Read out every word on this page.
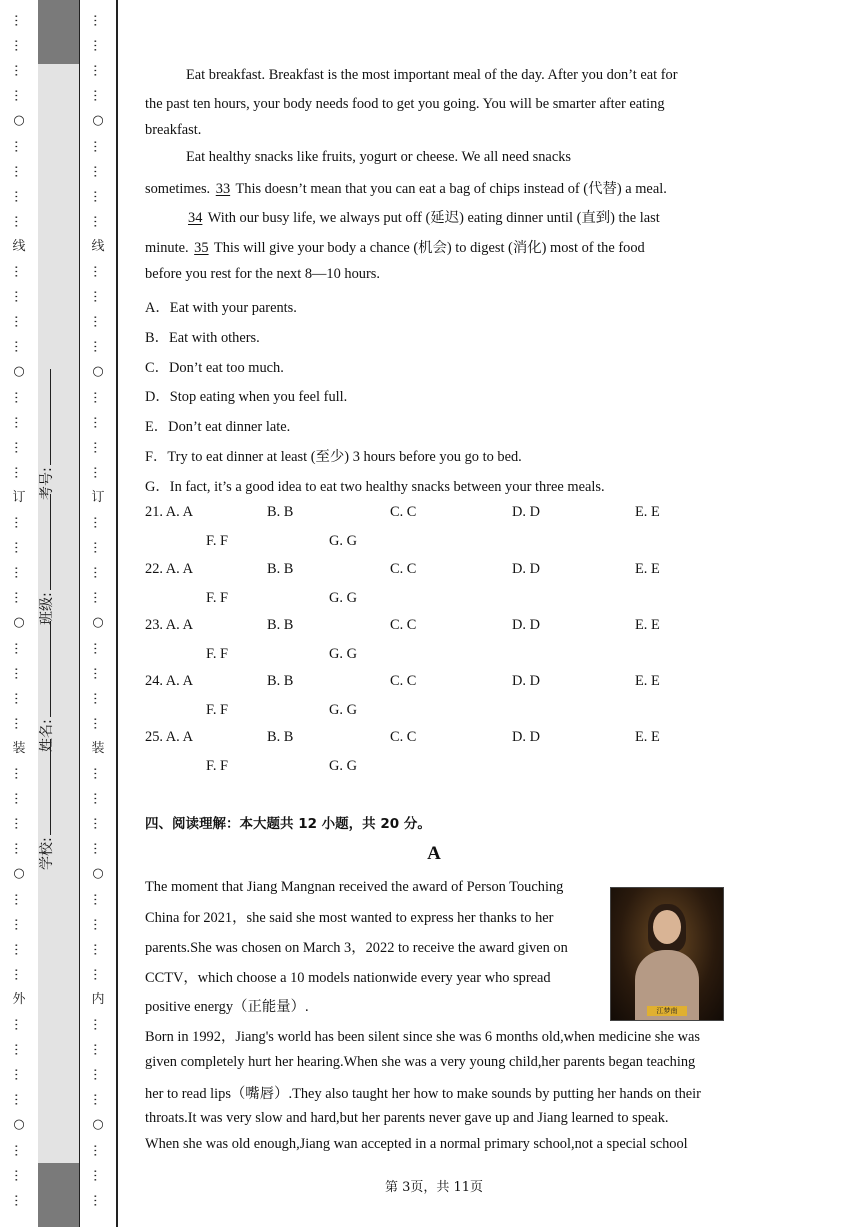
…
…
…
…
○
…
…
…
…
线
…
…
…
…
○
…
…
…
…
订
…
…
…
…
○
…
…
…
…
装
…
…
…
…
○
…
…
…
…
外
…
…
…
…
○
…
…
…
考号:
班级:
姓名:
学校:
…
…
…
…
○
…
…
…
…
线
…
…
…
…
○
…
…
…
…
订
…
…
…
…
○
…
…
…
…
装
…
…
…
…
○
…
…
…
…
内
…
…
…
…
○
…
…
…
Eat breakfast. Breakfast is the most important meal of the day. After you don’t eat for
the past ten hours, your body needs food to get you going. You will be smarter after eating
breakfast.
Eat healthy snacks like fruits, yogurt or cheese. We all need snacks
sometimes. 33 This doesn’t mean that you can eat a bag of chips instead of (代替) a meal.
34 With our busy life, we always put off (延迟) eating dinner until (直到) the last
minute. 35 This will give your body a chance (机会) to digest (消化) most of the food
before you rest for the next 8—10 hours.
A．Eat with your parents.
B．Eat with others.
C．Don’t eat too much.
D．Stop eating when you feel full.
E．Don’t eat dinner late.
F．Try to eat dinner at least (至少) 3 hours before you go to bed.
G．In fact, it’s a good idea to eat two healthy snacks between your three meals.
21. A. A	B. B	C. C	D. D	E. E
F. F	G. G
22. A. A	B. B	C. C	D. D	E. E
F. F	G. G
23. A. A	B. B	C. C	D. D	E. E
F. F	G. G
24. A. A	B. B	C. C	D. D	E. E
F. F	G. G
25. A. A	B. B	C. C	D. D	E. E
F. F	G. G
四、阅读理解：本大题共 12 小题，共 20 分。
A
The moment that Jiang Mangnan received the award of Person Touching
China for 2021，she said she most wanted to express her thanks to her
parents.She was chosen on March 3，2022 to receive the award given on
CCTV，which choose a 10 models nationwide every year who spread
positive energy（正能量）.
Born in 1992，Jiang's world has been silent since she was 6 months old,when medicine she was
given completely hurt her hearing.When she was a very young child,her parents began teaching
her to read lips（嘴唇）.They also taught her how to make sounds by putting her hands on their
throats.It was very slow and hard,but her parents never gave up and Jiang learned to speak.
When she was old enough,Jiang wan accepted in a normal primary school,not a special school
江梦南
第 3页，共 11页
